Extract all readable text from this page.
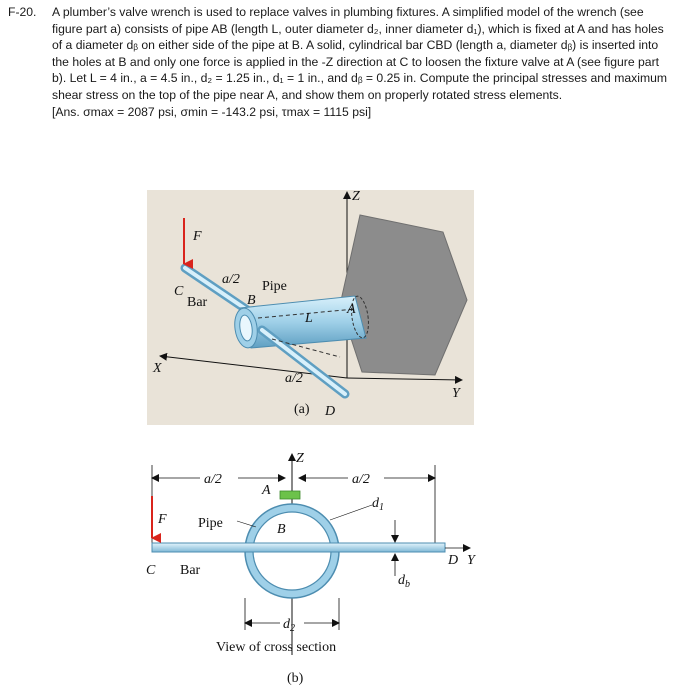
F-20. A plumber’s valve wrench is used to replace valves in plumbing fixtures. A simplified model of the wrench (see figure part a) consists of pipe AB (length L, outer diameter d₂, inner diameter d₁), which is fixed at A and has holes of a diameter dᵦ on either side of the pipe at B. A solid, cylindrical bar CBD (length a, diameter dᵦ) is inserted into the holes at B and only one force is applied in the -Z direction at C to loosen the fixture valve at A (see figure part b). Let L = 4 in., a = 4.5 in., d₂ = 1.25 in., d₁ = 1 in., and dᵦ = 0.25 in. Compute the principal stresses and maximum shear stress on the top of the pipe near A, and show them on properly rotated stress elements.
[Ans. σmax = 2087 psi, σmin = -143.2 psi, τmax = 1115 psi]
Z
X
Y
F
C
Bar
a/2 Pipe
B
L
A
a/2
D
(a)
Z
a/2	a/2
A
F Pipe	B
D Y
C Bar
$d_1$
$d_b$
$d_2$
View of cross section
(b)
